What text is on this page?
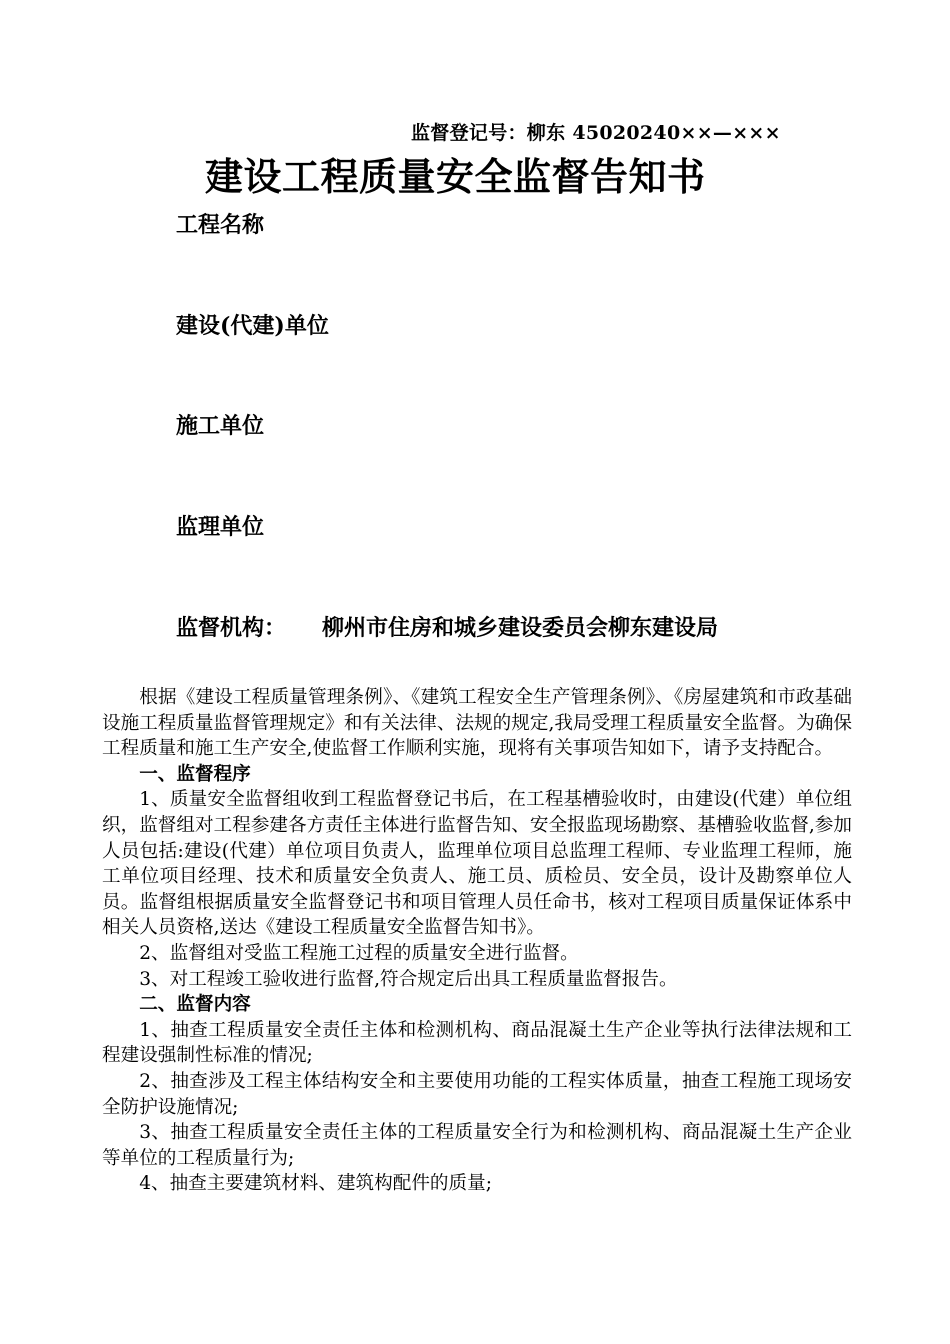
监督登记号：柳东 45020240××—×××
建设工程质量安全监督告知书
工程名称
建设(代建)单位
施工单位
监理单位
监督机构： 柳州市住房和城乡建设委员会柳东建设局

根据《建设工程质量管理条例》、《建筑工程安全生产管理条例》、《房屋建筑和市政基础设施工程质量监督管理规定》和有关法律、法规的规定,我局受理工程质量安全监督。为确保工程质量和施工生产安全,使监督工作顺利实施，现将有关事项告知如下，请予支持配合。

一、监督程序

1、质量安全监督组收到工程监督登记书后，在工程基槽验收时，由建设(代建）单位组织，监督组对工程参建各方责任主体进行监督告知、安全报监现场勘察、基槽验收监督,参加人员包括:建设(代建）单位项目负责人，监理单位项目总监理工程师、专业监理工程师，施工单位项目经理、技术和质量安全负责人、施工员、质检员、安全员，设计及勘察单位人员。监督组根据质量安全监督登记书和项目管理人员任命书，核对工程项目质量保证体系中相关人员资格,送达《建设工程质量安全监督告知书》。

2、监督组对受监工程施工过程的质量安全进行监督。

3、对工程竣工验收进行监督,符合规定后出具工程质量监督报告。

二、监督内容

1、抽查工程质量安全责任主体和检测机构、商品混凝土生产企业等执行法律法规和工程建设强制性标准的情况;

2、抽查涉及工程主体结构安全和主要使用功能的工程实体质量，抽查工程施工现场安全防护设施情况;

3、抽查工程质量安全责任主体的工程质量安全行为和检测机构、商品混凝土生产企业等单位的工程质量行为;

4、抽查主要建筑材料、建筑构配件的质量;
